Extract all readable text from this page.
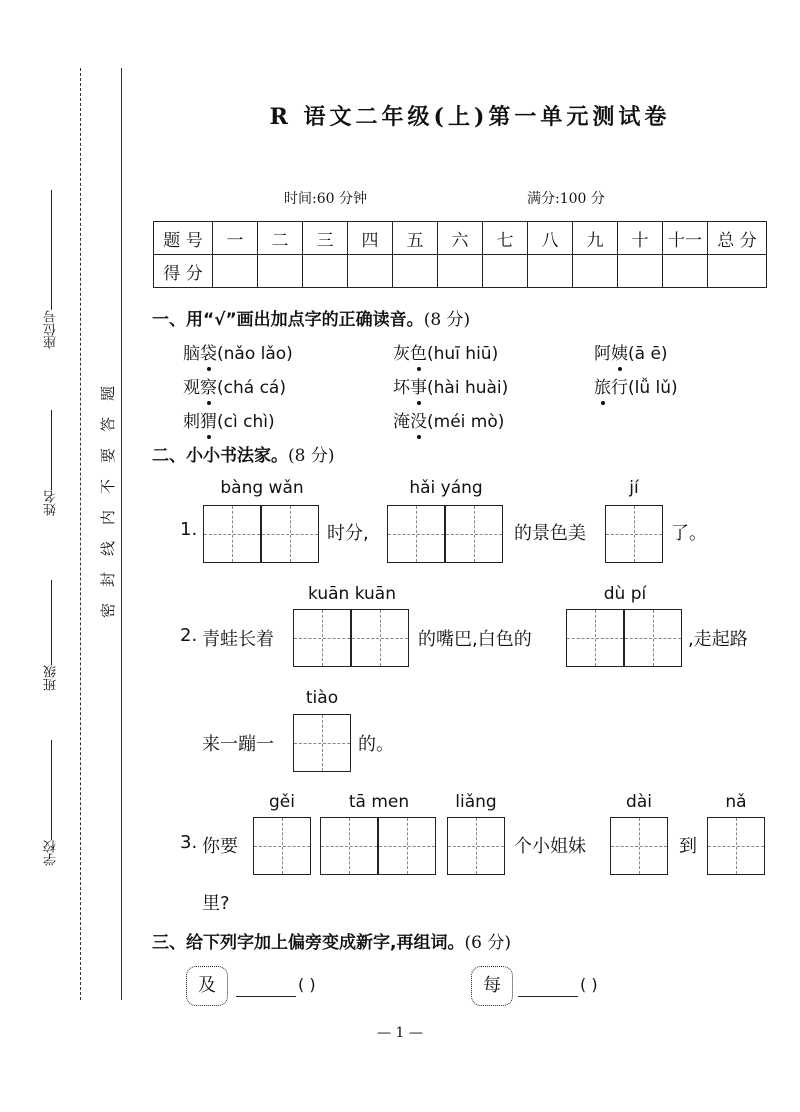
座位号
姓名
班级
学校
题
答
要
不
内
线
封
密
R 语文二年级(上)第一单元测试卷
时间:60 分钟	满分:100 分
题 号	一	二	三	四	五	六	七	八	九	十	十一	总 分
得 分												
一、用“√”画出加点字的正确读音。(8 分)
脑袋(nǎo lǎo)	灰色(huī hiū)	阿姨(ā ē)
观察(chá cá)	坏事(hài huài)	旅行(lǚ lǔ)
刺猬(cì chì)	淹没(méi mò)
二、小小书法家。(8 分)
bàng wǎn	hǎi yáng	jí
1.	时分,	的景色美	了。
kuān kuān	dù pí
2. 青蛙长着	的嘴巴,白色的	,走起路
tiào
来一蹦一	的。
gěi	tā men	liǎng	dài	nǎ
3. 你要	个小姐妹	到
里?
三、给下列字加上偏旁变成新字,再组词。(6 分)
及	( )	每	( )
— 1 —
